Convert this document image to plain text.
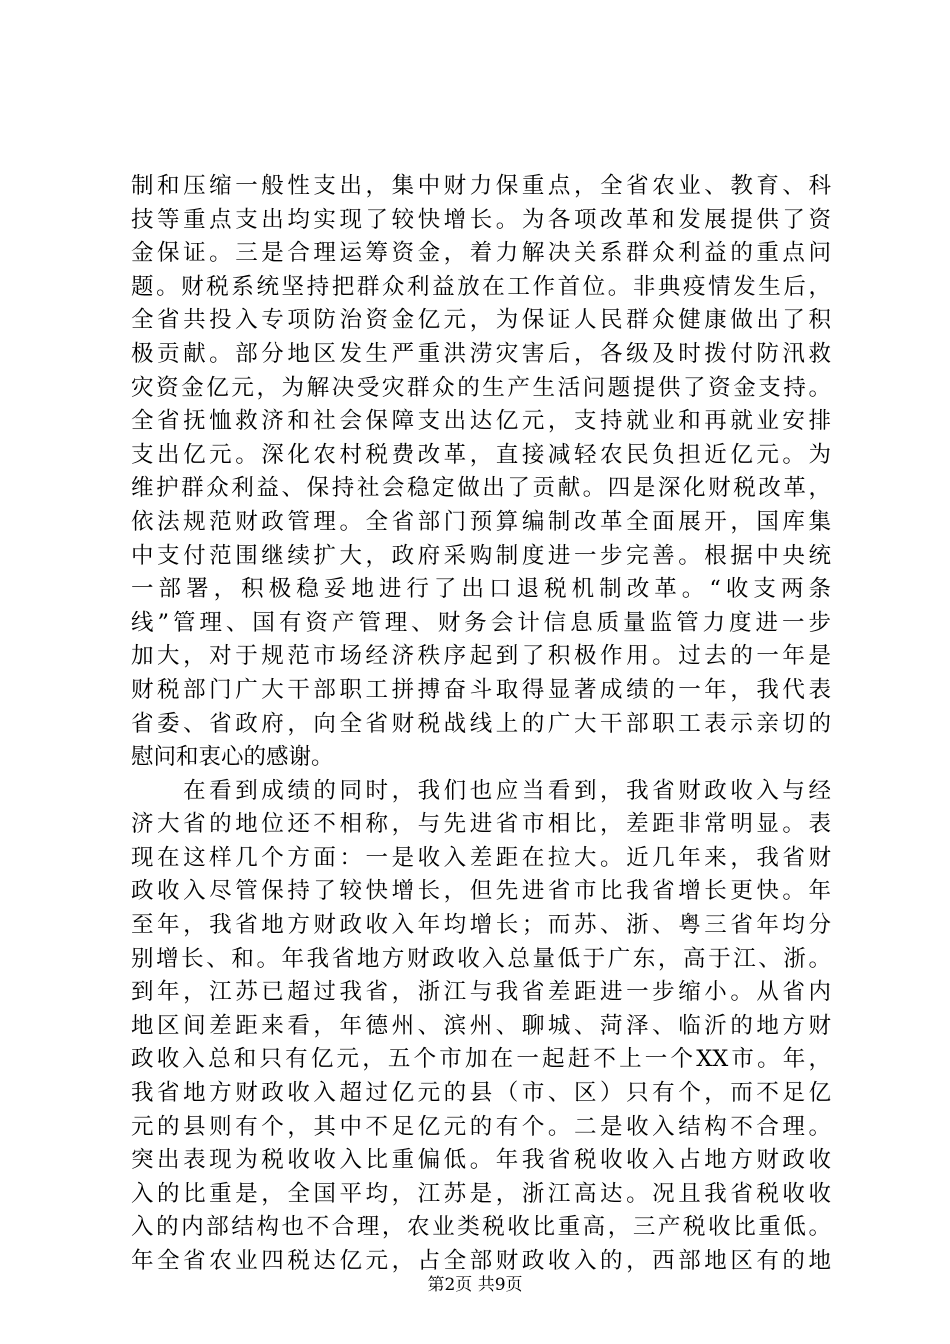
制和压缩一般性支出，集中财力保重点，全省农业、教育、科
技等重点支出均实现了较快增长。为各项改革和发展提供了资
金保证。三是合理运筹资金，着力解决关系群众利益的重点问
题。财税系统坚持把群众利益放在工作首位。非典疫情发生后，
全省共投入专项防治资金亿元，为保证人民群众健康做出了积
极贡献。部分地区发生严重洪涝灾害后，各级及时拨付防汛救
灾资金亿元，为解决受灾群众的生产生活问题提供了资金支持。
全省抚恤救济和社会保障支出达亿元，支持就业和再就业安排
支出亿元。深化农村税费改革，直接减轻农民负担近亿元。为
维护群众利益、保持社会稳定做出了贡献。四是深化财税改革，
依法规范财政管理。全省部门预算编制改革全面展开，国库集
中支付范围继续扩大，政府采购制度进一步完善。根据中央统
一部署，积极稳妥地进行了出口退税机制改革。“收支两条
线”管理、国有资产管理、财务会计信息质量监管力度进一步
加大，对于规范市场经济秩序起到了积极作用。过去的一年是
财税部门广大干部职工拼搏奋斗取得显著成绩的一年，我代表
省委、省政府，向全省财税战线上的广大干部职工表示亲切的
慰问和衷心的感谢。
　　在看到成绩的同时，我们也应当看到，我省财政收入与经
济大省的地位还不相称，与先进省市相比，差距非常明显。表
现在这样几个方面：一是收入差距在拉大。近几年来，我省财
政收入尽管保持了较快增长，但先进省市比我省增长更快。年
至年，我省地方财政收入年均增长；而苏、浙、粤三省年均分
别增长、和。年我省地方财政收入总量低于广东，高于江、浙。
到年，江苏已超过我省，浙江与我省差距进一步缩小。从省内
地区间差距来看，年德州、滨州、聊城、菏泽、临沂的地方财
政收入总和只有亿元，五个市加在一起赶不上一个XX市。年，
我省地方财政收入超过亿元的县（市、区）只有个，而不足亿
元的县则有个，其中不足亿元的有个。二是收入结构不合理。
突出表现为税收收入比重偏低。年我省税收收入占地方财政收
入的比重是，全国平均，江苏是，浙江高达。况且我省税收收
入的内部结构也不合理，农业类税收比重高，三产税收比重低。
年全省农业四税达亿元，占全部财政收入的，西部地区有的地
第2页 共9页
